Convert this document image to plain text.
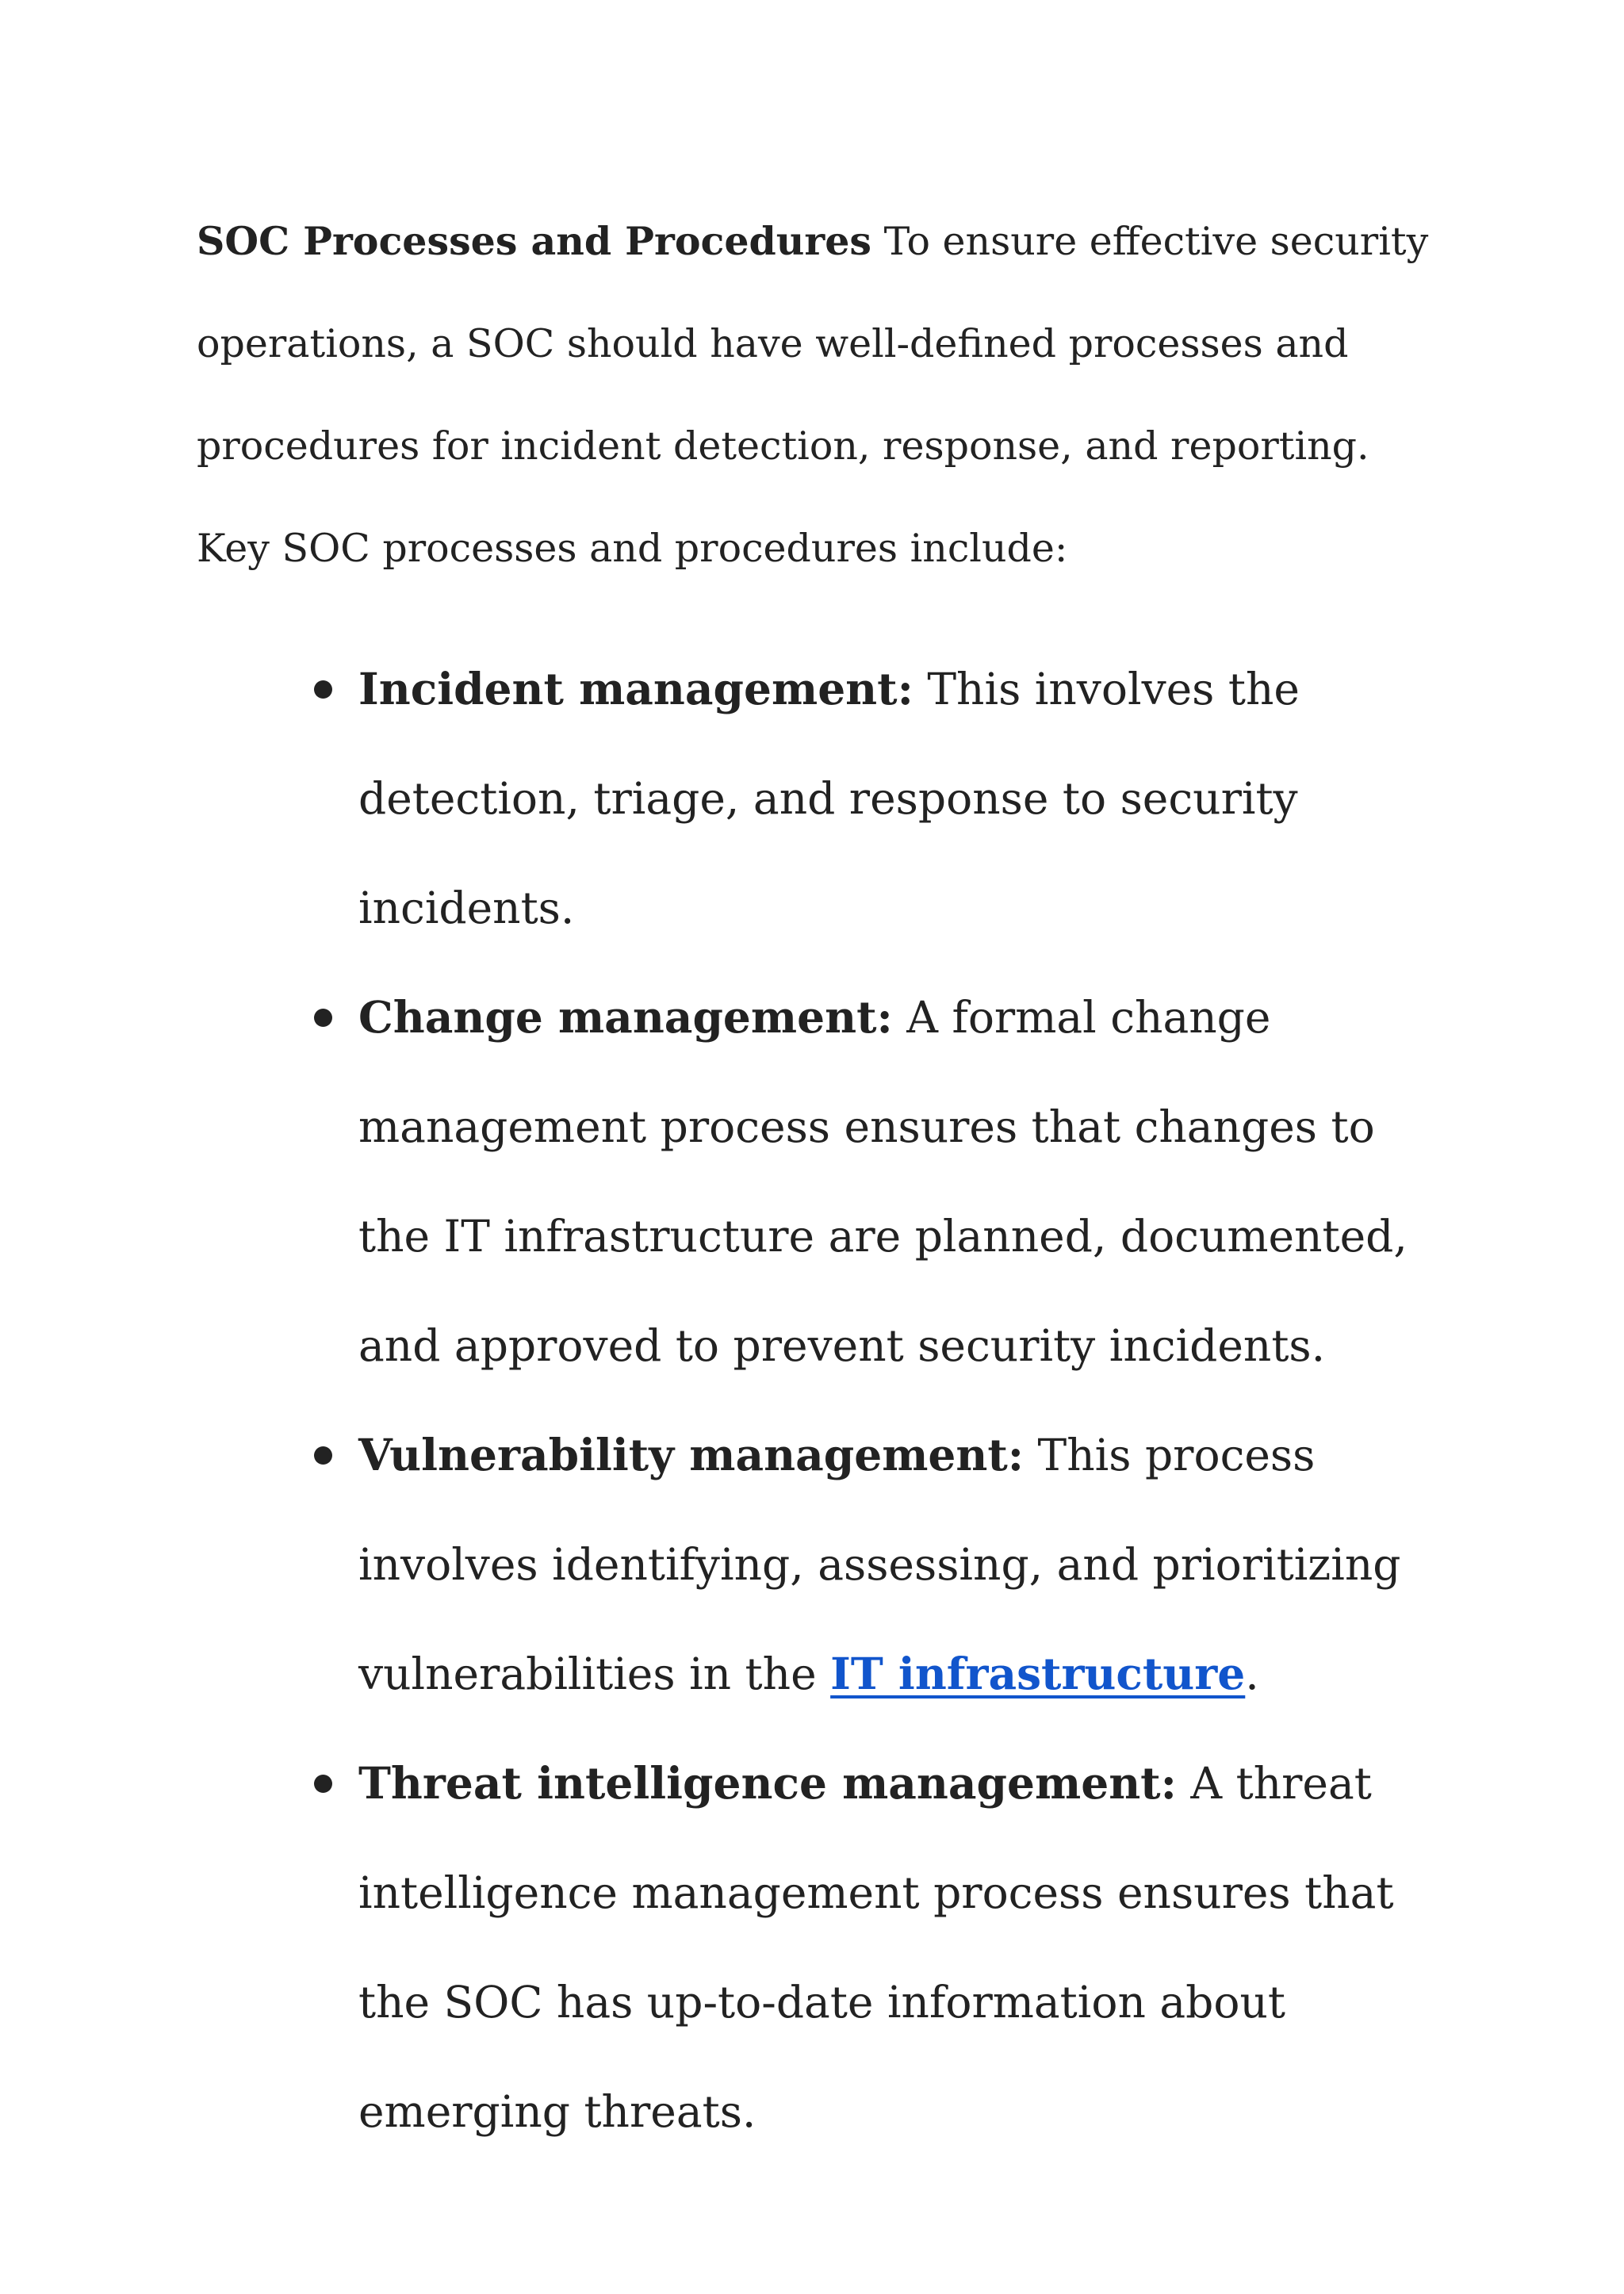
SOC Processes and Procedures To ensure effective security operations, a SOC should have well-defined processes and procedures for incident detection, response, and reporting. Key SOC processes and procedures include:

Incident management: This involves the detection, triage, and response to security incidents.
Change management: A formal change management process ensures that changes to the IT infrastructure are planned, documented, and approved to prevent security incidents.
Vulnerability management: This process involves identifying, assessing, and prioritizing vulnerabilities in the IT infrastructure.
Threat intelligence management: A threat intelligence management process ensures that the SOC has up-to-date information about emerging threats.
